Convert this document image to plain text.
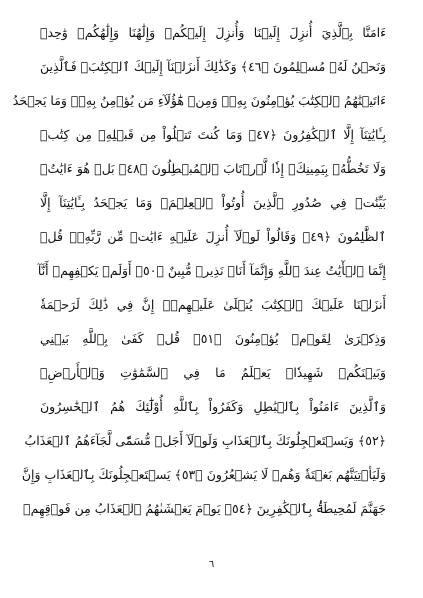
ءَامَنَّا بِٱلَّذِيٓ أُنزِلَ إِلَيۡنَا وَأُنزِلَ إِلَيۡكُمۡ وَإِلَٰهُنَا وَإِلَٰهُكُمۡ وَٰحِدٞ
وَنَحۡنُ لَهُۥ مُسۡلِمُونَ ﴿٤٦﴾ وَكَذَٰلِكَ أَنزَلۡنَآ إِلَيۡكَ ٱلۡكِتَٰبَۚ فَٱلَّذِينَ
ءَاتَيۡنَٰهُمُ ٱلۡكِتَٰبَ يُؤۡمِنُونَ بِهِۦۖ وَمِنۡ هَٰٓؤُلَآءِ مَن يُؤۡمِنُ بِهِۦۚ وَمَا يَجۡحَدُ
بِـَٔايَٰتِنَآ إِلَّا ٱلۡكَٰفِرُونَ ﴿٤٧﴾ وَمَا كُنتَ تَتۡلُواْ مِن قَبۡلِهِۦ مِن كِتَٰبٖ
وَلَا تَخُطُّهُۥ بِيَمِينِكَۖ إِذٗا لَّٱرۡتَابَ ٱلۡمُبۡطِلُونَ ﴿٤٨﴾ بَلۡ هُوَ ءَايَٰتُۢ
بَيِّنَٰتٞ فِي صُدُورِ ٱلَّذِينَ أُوتُواْ ٱلۡعِلۡمَۚ وَمَا يَجۡحَدُ بِـَٔايَٰتِنَآ إِلَّا
ٱلظَّٰلِمُونَ ﴿٤٩﴾ وَقَالُواْ لَوۡلَآ أُنزِلَ عَلَيۡهِ ءَايَٰتٞ مِّن رَّبِّهِۦۖ قُلۡ
إِنَّمَا ٱلۡأٓيَٰتُ عِندَ ٱللَّهِ وَإِنَّمَآ أَنَا۠ نَذِيرٞ مُّبِينٌ ﴿٥٠﴾ أَوَلَمۡ يَكۡفِهِمۡ أَنَّآ
أَنزَلۡنَا عَلَيۡكَ ٱلۡكِتَٰبَ يُتۡلَىٰ عَلَيۡهِمۡۚ إِنَّ فِي ذَٰلِكَ لَرَحۡمَةٗ
وَذِكۡرَىٰ لِقَوۡمٖ يُؤۡمِنُونَ ﴿٥١﴾ قُلۡ كَفَىٰ بِٱللَّهِ بَيۡنِي
وَبَيۡنَكُمۡ شَهِيدٗاۖ يَعۡلَمُ مَا فِي ٱلسَّمَٰوَٰتِ وَٱلۡأَرۡضِۗ
وَٱلَّذِينَ ءَامَنُواْ بِٱلۡبَٰطِلِ وَكَفَرُواْ بِٱللَّهِ أُوْلَٰٓئِكَ هُمُ ٱلۡخَٰسِرُونَ
﴿٥٢﴾ وَيَسۡتَعۡجِلُونَكَ بِٱلۡعَذَابِ وَلَوۡلَآ أَجَلٞ مُّسَمّٗى لَّجَآءَهُمُ ٱلۡعَذَابُ
وَلَيَأۡتِيَنَّهُم بَغۡتَةٗ وَهُمۡ لَا يَشۡعُرُونَ ﴿٥٣﴾ يَسۡتَعۡجِلُونَكَ بِٱلۡعَذَابِ وَإِنَّ
جَهَنَّمَ لَمُحِيطَةُۢ بِٱلۡكَٰفِرِينَ ﴿٥٤﴾ يَوۡمَ يَغۡشَىٰهُمُ ٱلۡعَذَابُ مِن فَوۡقِهِمۡ
٦
